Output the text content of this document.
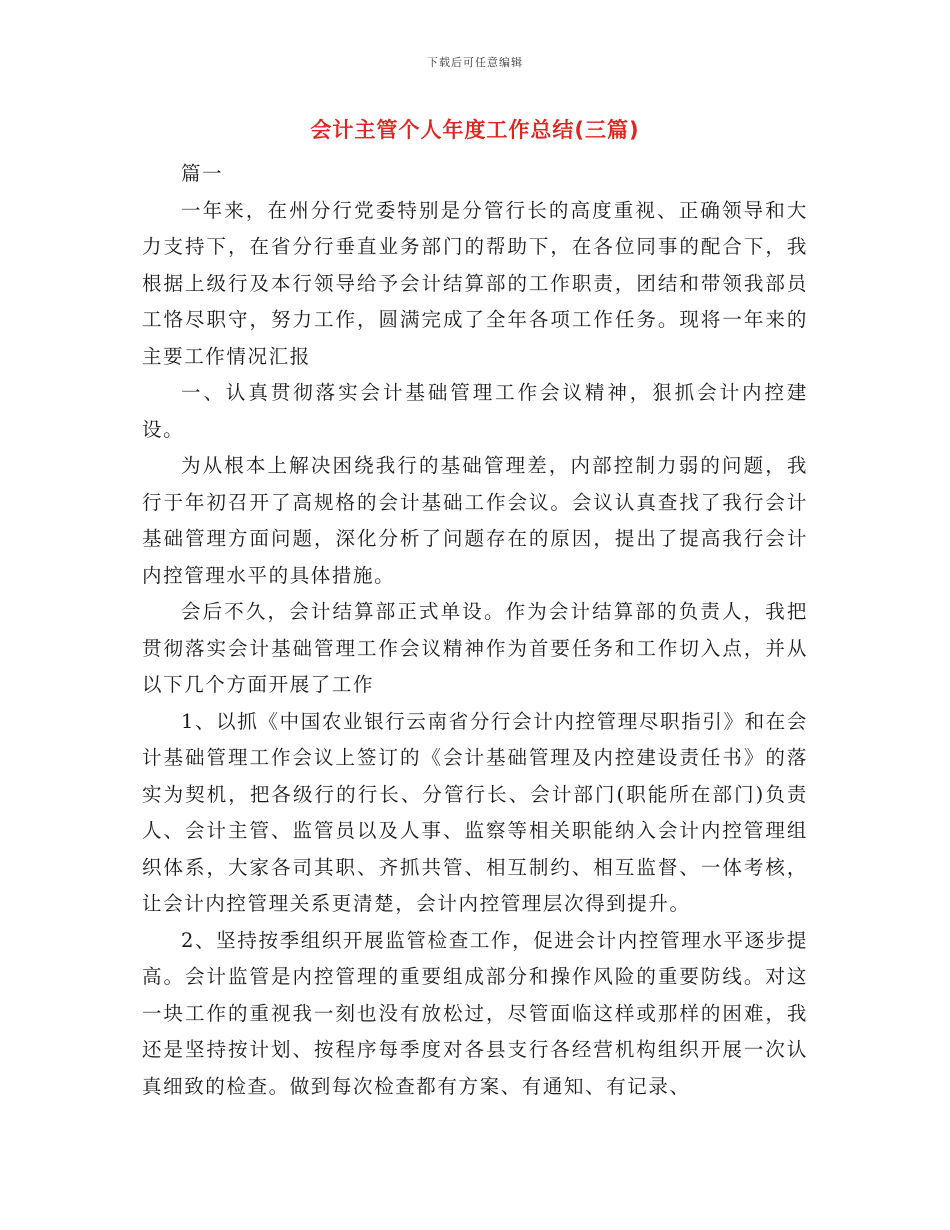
下载后可任意编辑
会计主管个人年度工作总结(三篇)

篇一

一年来，在州分行党委特别是分管行长的高度重视、正确领导和大力支持下，在省分行垂直业务部门的帮助下，在各位同事的配合下，我根据上级行及本行领导给予会计结算部的工作职责，团结和带领我部员工恪尽职守，努力工作，圆满完成了全年各项工作任务。现将一年来的主要工作情况汇报

一、认真贯彻落实会计基础管理工作会议精神，狠抓会计内控建设。

为从根本上解决困绕我行的基础管理差，内部控制力弱的问题，我行于年初召开了高规格的会计基础工作会议。会议认真查找了我行会计基础管理方面问题，深化分析了问题存在的原因，提出了提高我行会计内控管理水平的具体措施。

会后不久，会计结算部正式单设。作为会计结算部的负责人，我把贯彻落实会计基础管理工作会议精神作为首要任务和工作切入点，并从以下几个方面开展了工作

1、以抓《中国农业银行云南省分行会计内控管理尽职指引》和在会计基础管理工作会议上签订的《会计基础管理及内控建设责任书》的落实为契机，把各级行的行长、分管行长、会计部门(职能所在部门)负责人、会计主管、监管员以及人事、监察等相关职能纳入会计内控管理组织体系，大家各司其职、齐抓共管、相互制约、相互监督、一体考核，让会计内控管理关系更清楚，会计内控管理层次得到提升。

2、坚持按季组织开展监管检查工作，促进会计内控管理水平逐步提高。会计监管是内控管理的重要组成部分和操作风险的重要防线。对这一块工作的重视我一刻也没有放松过，尽管面临这样或那样的困难，我还是坚持按计划、按程序每季度对各县支行各经营机构组织开展一次认真细致的检查。做到每次检查都有方案、有通知、有记录、
